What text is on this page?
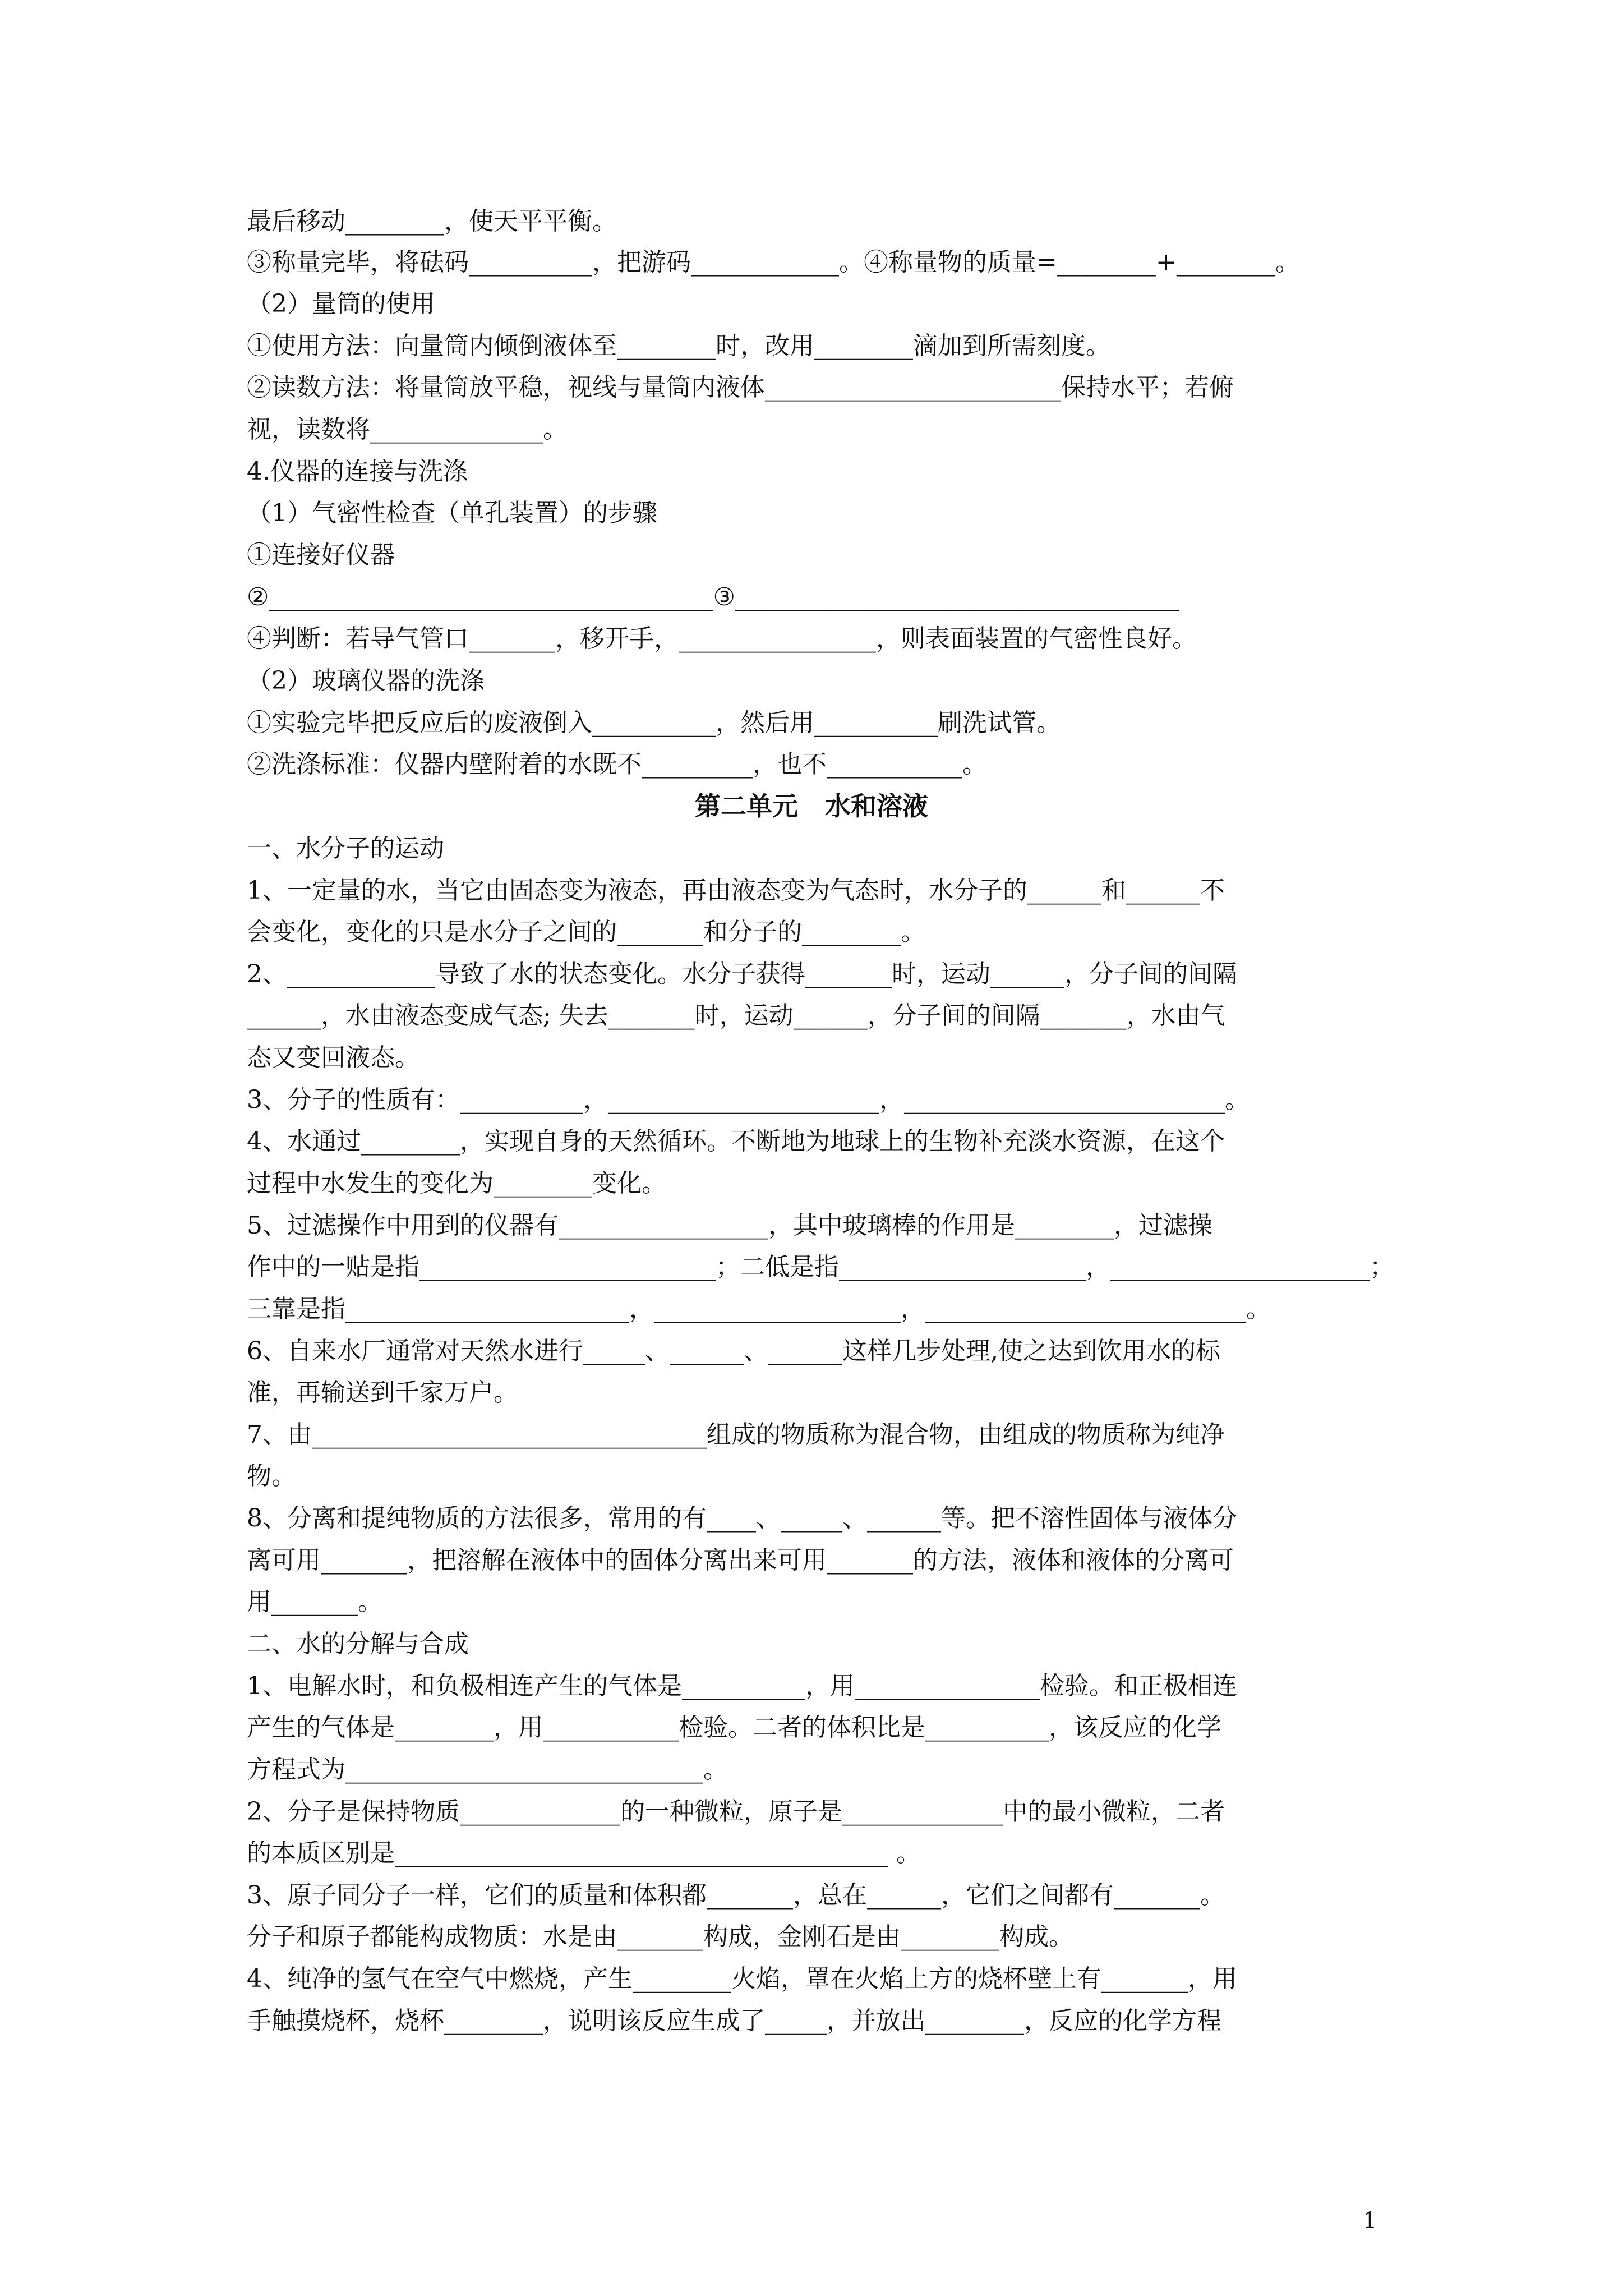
最后移动________，使天平平衡。
③称量完毕，将砝码__________，把游码____________。④称量物的质量=________+________。
（2）量筒的使用
①使用方法：向量筒内倾倒液体至________时，改用________滴加到所需刻度。
②读数方法：将量筒放平稳，视线与量筒内液体________________________保持水平；若俯
视，读数将______________。
4.仪器的连接与洗涤
（1）气密性检查（单孔装置）的步骤
①连接好仪器
②____________________________________③____________________________________
④判断：若导气管口_______，移开手，________________，则表面装置的气密性良好。
（2）玻璃仪器的洗涤
①实验完毕把反应后的废液倒入__________，然后用__________刷洗试管。
②洗涤标准：仪器内壁附着的水既不_________，也不___________。
第二单元   水和溶液
一、水分子的运动
1、一定量的水，当它由固态变为液态，再由液态变为气态时，水分子的______和______不
会变化，变化的只是水分子之间的_______和分子的________。
2、____________导致了水的状态变化。水分子获得_______时，运动______，分子间的间隔
______，水由液态变成气态; 失去_______时，运动______，分子间的间隔_______，水由气
态又变回液态。
3、分子的性质有：__________，______________________，__________________________。
4、水通过________，实现自身的天然循环。不断地为地球上的生物补充淡水资源，在这个
过程中水发生的变化为________变化。
5、过滤操作中用到的仪器有_________________，其中玻璃棒的作用是________，过滤操
作中的一贴是指________________________；二低是指____________________，_____________________；
三靠是指_______________________，____________________，__________________________。
6、自来水厂通常对天然水进行_____、______、______这样几步处理,使之达到饮用水的标
准，再输送到千家万户。
7、由________________________________组成的物质称为混合物，由组成的物质称为纯净
物。
8、分离和提纯物质的方法很多，常用的有____、_____、______等。把不溶性固体与液体分
离可用_______，把溶解在液体中的固体分离出来可用_______的方法，液体和液体的分离可
用_______。
二、水的分解与合成
1、电解水时，和负极相连产生的气体是__________，用_______________检验。和正极相连
产生的气体是________，用___________检验。二者的体积比是__________，该反应的化学
方程式为_____________________________。
2、分子是保持物质_____________的一种微粒，原子是_____________中的最小微粒，二者
的本质区别是________________________________________ 。
3、原子同分子一样，它们的质量和体积都_______，总在______，它们之间都有_______。
分子和原子都能构成物质：水是由_______构成，金刚石是由________构成。
4、纯净的氢气在空气中燃烧，产生________火焰，罩在火焰上方的烧杯壁上有_______，用
手触摸烧杯，烧杯________，说明该反应生成了_____，并放出________，反应的化学方程
1
